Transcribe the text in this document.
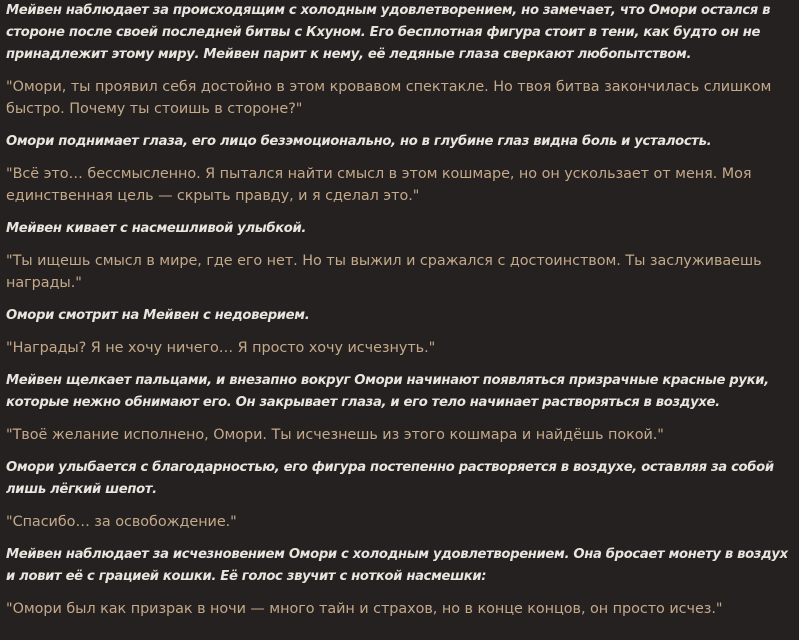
Мейвен наблюдает за происходящим с холодным удовлетворением, но замечает, что Омори остался в стороне после своей последней битвы с Кхуном. Его бесплотная фигура стоит в тени, как будто он не принадлежит этому миру. Мейвен парит к нему, её ледяные глаза сверкают любопытством.

"Омори, ты проявил себя достойно в этом кровавом спектакле. Но твоя битва закончилась слишком быстро. Почему ты стоишь в стороне?"

Омори поднимает глаза, его лицо безэмоционально, но в глубине глаз видна боль и усталость.

"Всё это… бессмысленно. Я пытался найти смысл в этом кошмаре, но он ускользает от меня. Моя единственная цель — скрыть правду, и я сделал это."

Мейвен кивает с насмешливой улыбкой.

"Ты ищешь смысл в мире, где его нет. Но ты выжил и сражался с достоинством. Ты заслуживаешь награды."

Омори смотрит на Мейвен с недоверием.

"Награды? Я не хочу ничего… Я просто хочу исчезнуть."

Мейвен щелкает пальцами, и внезапно вокруг Омори начинают появляться призрачные красные руки, которые нежно обнимают его. Он закрывает глаза, и его тело начинает растворяться в воздухе.

"Твоё желание исполнено, Омори. Ты исчезнешь из этого кошмара и найдёшь покой."

Омори улыбается с благодарностью, его фигура постепенно растворяется в воздухе, оставляя за собой лишь лёгкий шепот.

"Спасибо… за освобождение."

Мейвен наблюдает за исчезновением Омори с холодным удовлетворением. Она бросает монету в воздух и ловит её с грацией кошки. Её голос звучит с ноткой насмешки:

"Омори был как призрак в ночи — много тайн и страхов, но в конце концов, он просто исчез."
